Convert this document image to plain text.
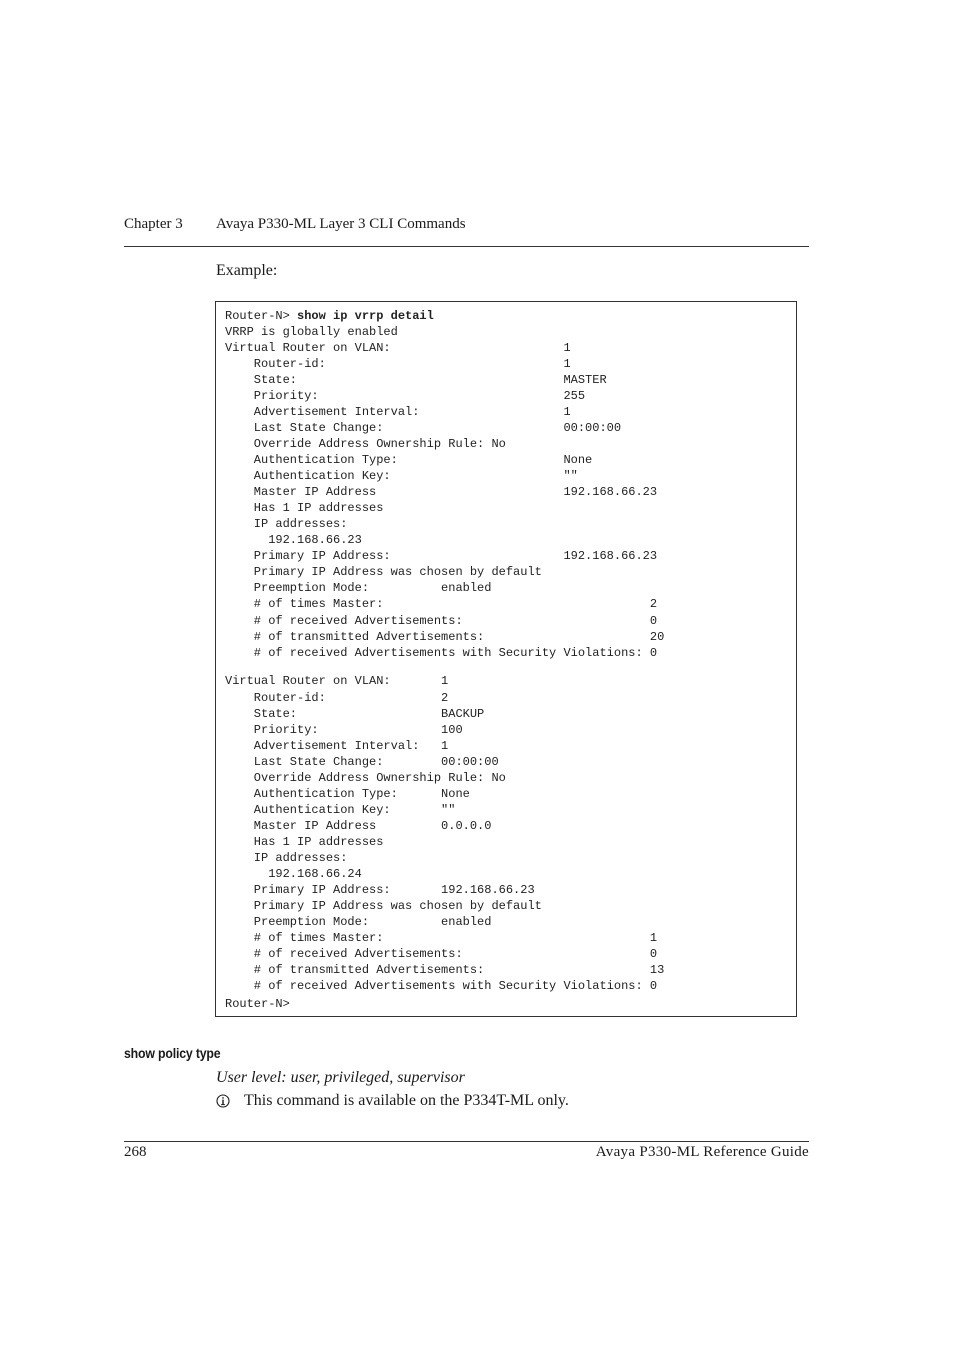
Chapter 3 Avaya P330-ML Layer 3 CLI Commands
Example:
Router-N> show ip vrrp detail
VRRP is globally enabled
Virtual Router on VLAN:                        1
Router-id:                                 1
State:                                     MASTER
Priority:                                  255
Advertisement Interval:                    1
Last State Change:                         00:00:00
Override Address Ownership Rule: No
Authentication Type:                       None
Authentication Key:                        ""
Master IP Address                          192.168.66.23
Has 1 IP addresses
IP addresses:
192.168.66.23
Primary IP Address:                        192.168.66.23
Primary IP Address was chosen by default
Preemption Mode:          enabled
# of times Master:                                     2
# of received Advertisements:                          0
# of transmitted Advertisements:                       20
# of received Advertisements with Security Violations: 0
Virtual Router on VLAN:       1
Router-id:                2
State:                    BACKUP
Priority:                 100
Advertisement Interval:   1
Last State Change:        00:00:00
Override Address Ownership Rule: No
Authentication Type:      None
Authentication Key:       ""
Master IP Address         0.0.0.0
Has 1 IP addresses
IP addresses:
192.168.66.24
Primary IP Address:       192.168.66.23
Primary IP Address was chosen by default
Preemption Mode:          enabled
# of times Master:                                     1
# of received Advertisements:                          0
# of transmitted Advertisements:                       13
# of received Advertisements with Security Violations: 0
Router-N>
show policy type
User level: user, privileged, supervisor
This command is available on the P334T-ML only.
268	Avaya P330-ML Reference Guide
